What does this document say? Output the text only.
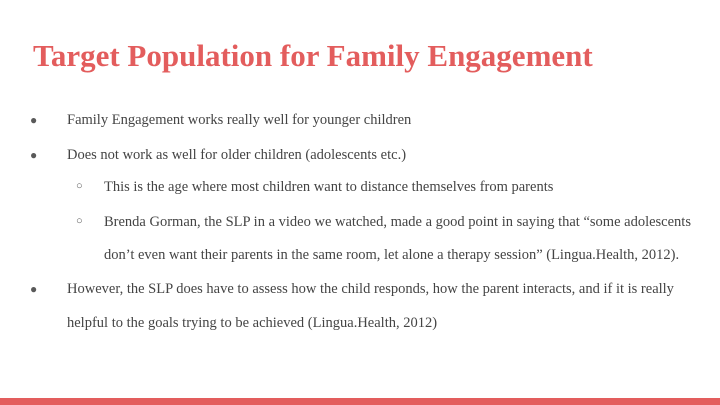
Target Population for Family Engagement
● Family Engagement works really well for younger children
● Does not work as well for older children (adolescents etc.)
○ This is the age where most children want to distance themselves from parents
○ Brenda Gorman, the SLP in a video we watched, made a good point in saying that “some adolescents
don’t even want their parents in the same room, let alone a therapy session” (Lingua.Health, 2012).
● However, the SLP does have to assess how the child responds, how the parent interacts, and if it is really
helpful to the goals trying to be achieved (Lingua.Health, 2012)
